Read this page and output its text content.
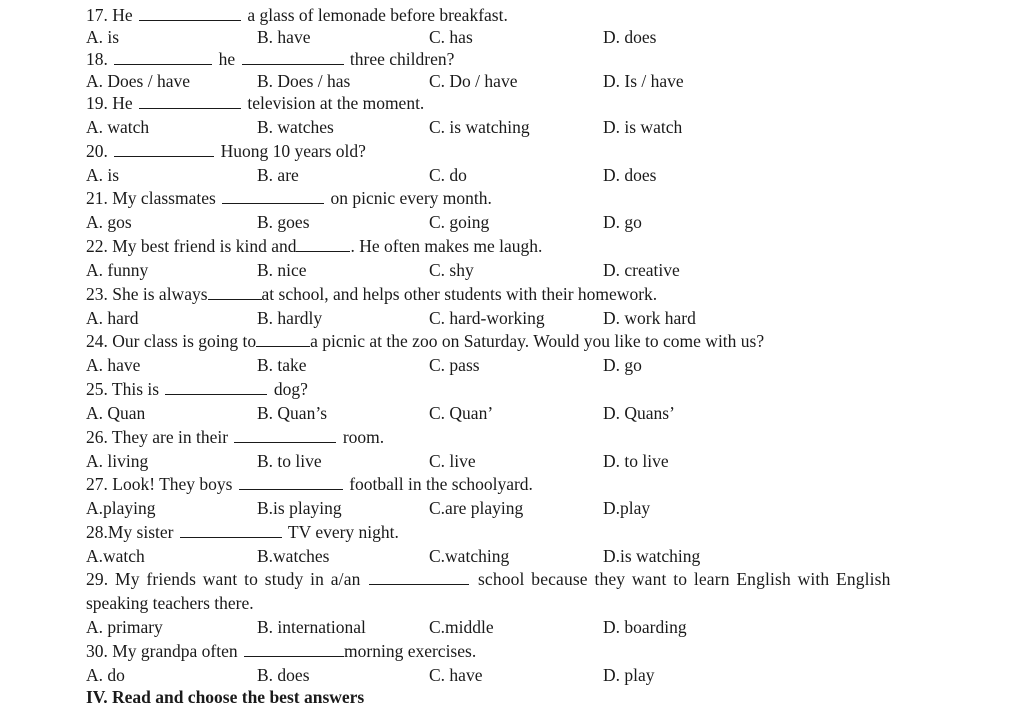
17. He	a glass of lemonade before breakfast.
A. is	B. have	C. has	D. does
18.	he	three children?
A. Does / have	B. Does / has	C. Do / have	D. Is / have
19. He	television at the moment.
A. watch	B. watches	C. is watching	D. is watch
20.	Huong 10 years old?
A. is	B. are	C. do	D. does
21. My classmates	on picnic every month.
A. gos	B. goes	C. going	D. go
22. My best friend is kind and	. He often makes me laugh.
A. funny	B. nice	C. shy	D. creative
23. She is always	at school, and helps other students with their homework.
A. hard	B. hardly	C. hard-working	D. work hard
24. Our class is going to	a picnic at the zoo on Saturday. Would you like to come with us?
A. have	B. take	C. pass	D. go
25. This is	dog?
A. Quan	B. Quan’s	C. Quan’	D. Quans’
26. They are in their	room.
A. living	B. to live	C. live	D. to live
27. Look! They boys	football in the schoolyard.
A.playing	B.is playing	C.are playing	D.play
28.My sister	TV every night.
A.watch	B.watches	C.watching	D.is watching
29. My friends want to study in a/an	school because they want to learn English with English
speaking teachers there.
A. primary	B. international	C.middle	D. boarding
30. My grandpa often	morning exercises.
A. do	B. does	C. have	D. play
IV. Read and choose the best answers
